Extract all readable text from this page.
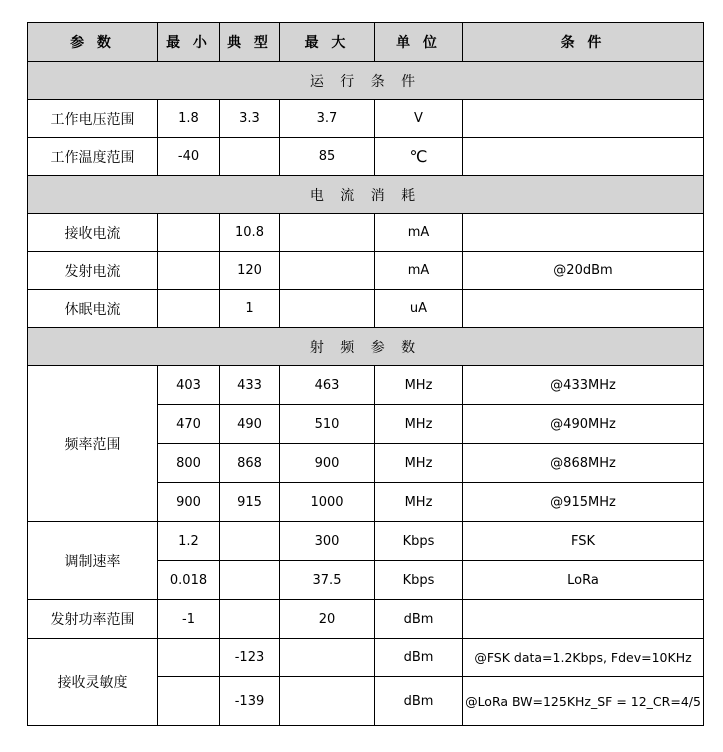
参 数	最 小	典 型	最 大	单 位	条 件
运 行 条 件					
工作电压范围	1.8	3.3	3.7	V	
工作温度范围	-40		85	℃	
电 流 消 耗					
接收电流		10.8		mA	
发射电流		120		mA	@20dBm
休眠电流		1		uA	
射 频 参 数					
频率范围	403	433	463	MHz	@433MHz
	470	490	510	MHz	@490MHz
	800	868	900	MHz	@868MHz
	900	915	1000	MHz	@915MHz
调制速率	1.2		300	Kbps	FSK
	0.018		37.5	Kbps	LoRa
发射功率范围	-1		20	dBm	
接收灵敏度		-123		dBm	@FSK data=1.2Kbps, Fdev=10KHz
		-139		dBm	@LoRa BW=125KHz_SF = 12_CR=4/5
